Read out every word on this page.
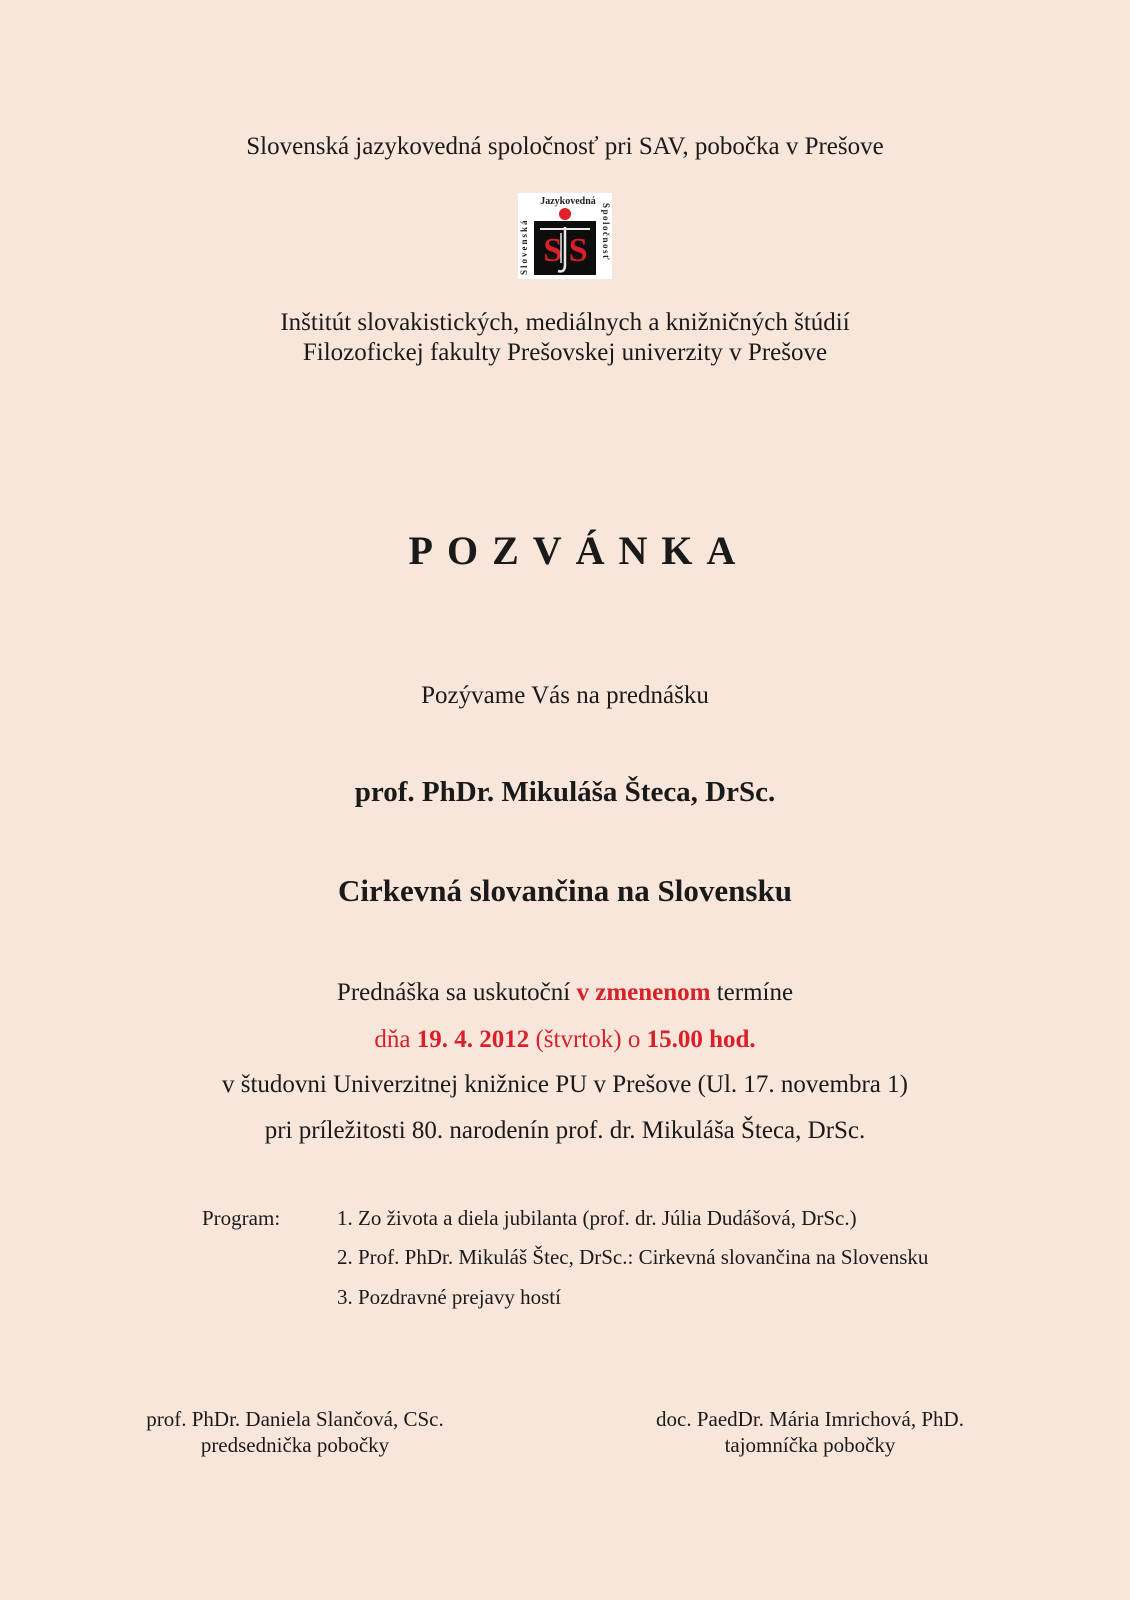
Slovenská jazykovedná spoločnosť pri SAV, pobočka v Prešove
Jazykovedná
Slovenská	Spoločnosť
S S
Inštitút slovakistických, mediálnych a knižničných štúdií
Filozofickej fakulty Prešovskej univerzity v Prešove
POZVÁNKA
Pozývame Vás na prednášku
prof. PhDr. Mikuláša Šteca, DrSc.
Cirkevná slovančina na Slovensku
Prednáška sa uskutoční v zmenenom termíne
dňa 19. 4. 2012 (štvrtok) o 15.00 hod.
v študovni Univerzitnej knižnice PU v Prešove (Ul. 17. novembra 1)
pri príležitosti 80. narodenín prof. dr. Mikuláša Šteca, DrSc.
Program:	1. Zo života a diela jubilanta (prof. dr. Júlia Dudášová, DrSc.)
2. Prof. PhDr. Mikuláš Štec, DrSc.: Cirkevná slovančina na Slovensku
3. Pozdravné prejavy hostí
prof. PhDr. Daniela Slančová, CSc.
predsednička pobočky
doc. PaedDr. Mária Imrichová, PhD.
tajomníčka pobočky
